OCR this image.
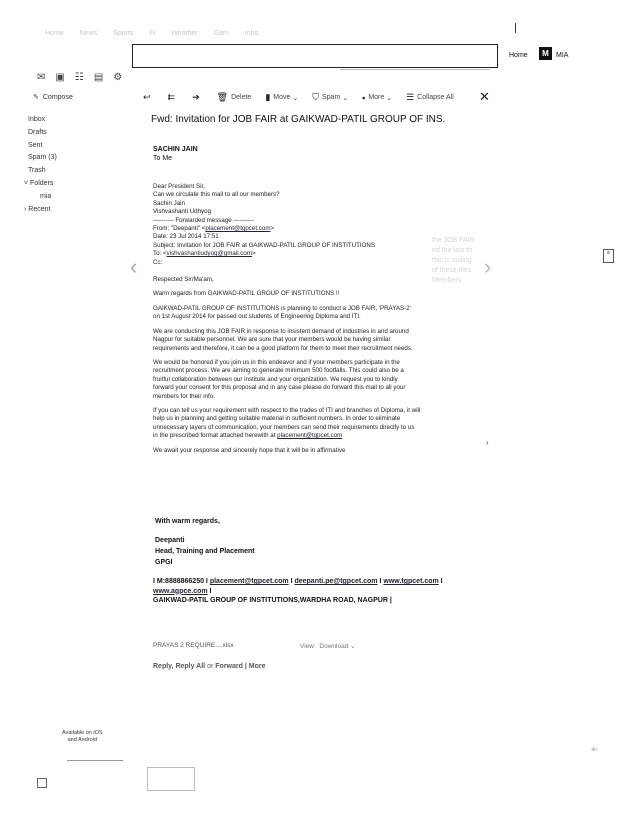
Home News Sports Fi Weather Gam mbo
Home	M	MIA
✉ ▣ ☷ ▤ ⚙
✎ Compose	↩ ⇇ ➔ 🗑 Delete ▮ Move
⌄ ⛉ Spam
⌄ ▪ More
⌄ ☰ Collapse All ✕
Inbox
Drafts
Sent
Spam (3)
Trash
˅ Folders
mia
› Recent
Fwd: Invitation for JOB FAIR at GAIKWAD-PATIL GROUP OF INS.
SACHIN JAIN
To Me
the JOB FAIR
ed the last th
this is sailing
of these files
Members

Dear President Sir,
Can we circulate this mail to all our members?
Sachin Jain
Vishvashanti Udhyog
---------- Forwarded message ----------
From: "Deepanti" <placement@tgpcet.com>
Date: 23 Jul 2014 17:51
Subject: Invitation for JOB FAIR at GAIKWAD-PATIL GROUP OF INSTITUTIONS
To: <vishvashantiudyog@gmail.com>
Cc:

Respected Sir/Ma'am,

Warm regards from GAIKWAD-PATIL GROUP OF INSTITUTIONS !!

GAIKWAD-PATIL GROUP OF INSTITUTIONS is planning to conduct a JOB FAIR, 'PRAYAS-2'
on 1st August 2014 for passed out students of Engineering Diploma and ITI.

We are conducting this JOB FAIR in response to insistent demand of industries in and around
Nagpur for suitable personnel. We are sure that your members would be having similar
requirements and therefore, it can be a good platform for them to meet their recruitment needs.

We would be honored if you join us in this endeavor and if your members participate in the
recruitment process. We are aiming to generate minimum 500 footfalls. This could also be a
fruitful collaboration between our institute and your organization. We request you to kindly
forward your consent for this proposal and in any case please do forward this mail to all your
members for their info.

If you can tell us your requirement with respect to the trades of ITI and branches of Diploma, it will
help us in planning and getting suitable material in sufficient numbers. In order to eliminate
unnecessary layers of communication, your members can send their requirements directly to us
in the prescribed format attached herewith at placement@tgpcet.com

We await your response and sincerely hope that it will be in affirmative

With warm regards,
Deepanti
Head, Training and Placement
GPGI
I M:8888866250 I placement@tgpcet.com I deepanti.pe@tgpcet.com I www.tgpcet.com I
www.agpce.com I
GAIKWAD-PATIL GROUP OF INSTITUTIONS,WARDHA ROAD, NAGPUR |
PRAYAS 2 REQUIRE....xlsx	View Download ⌄
Reply, Reply All or Forward | More
‹	›
›
≡
Available on iOS
and Android
☙
